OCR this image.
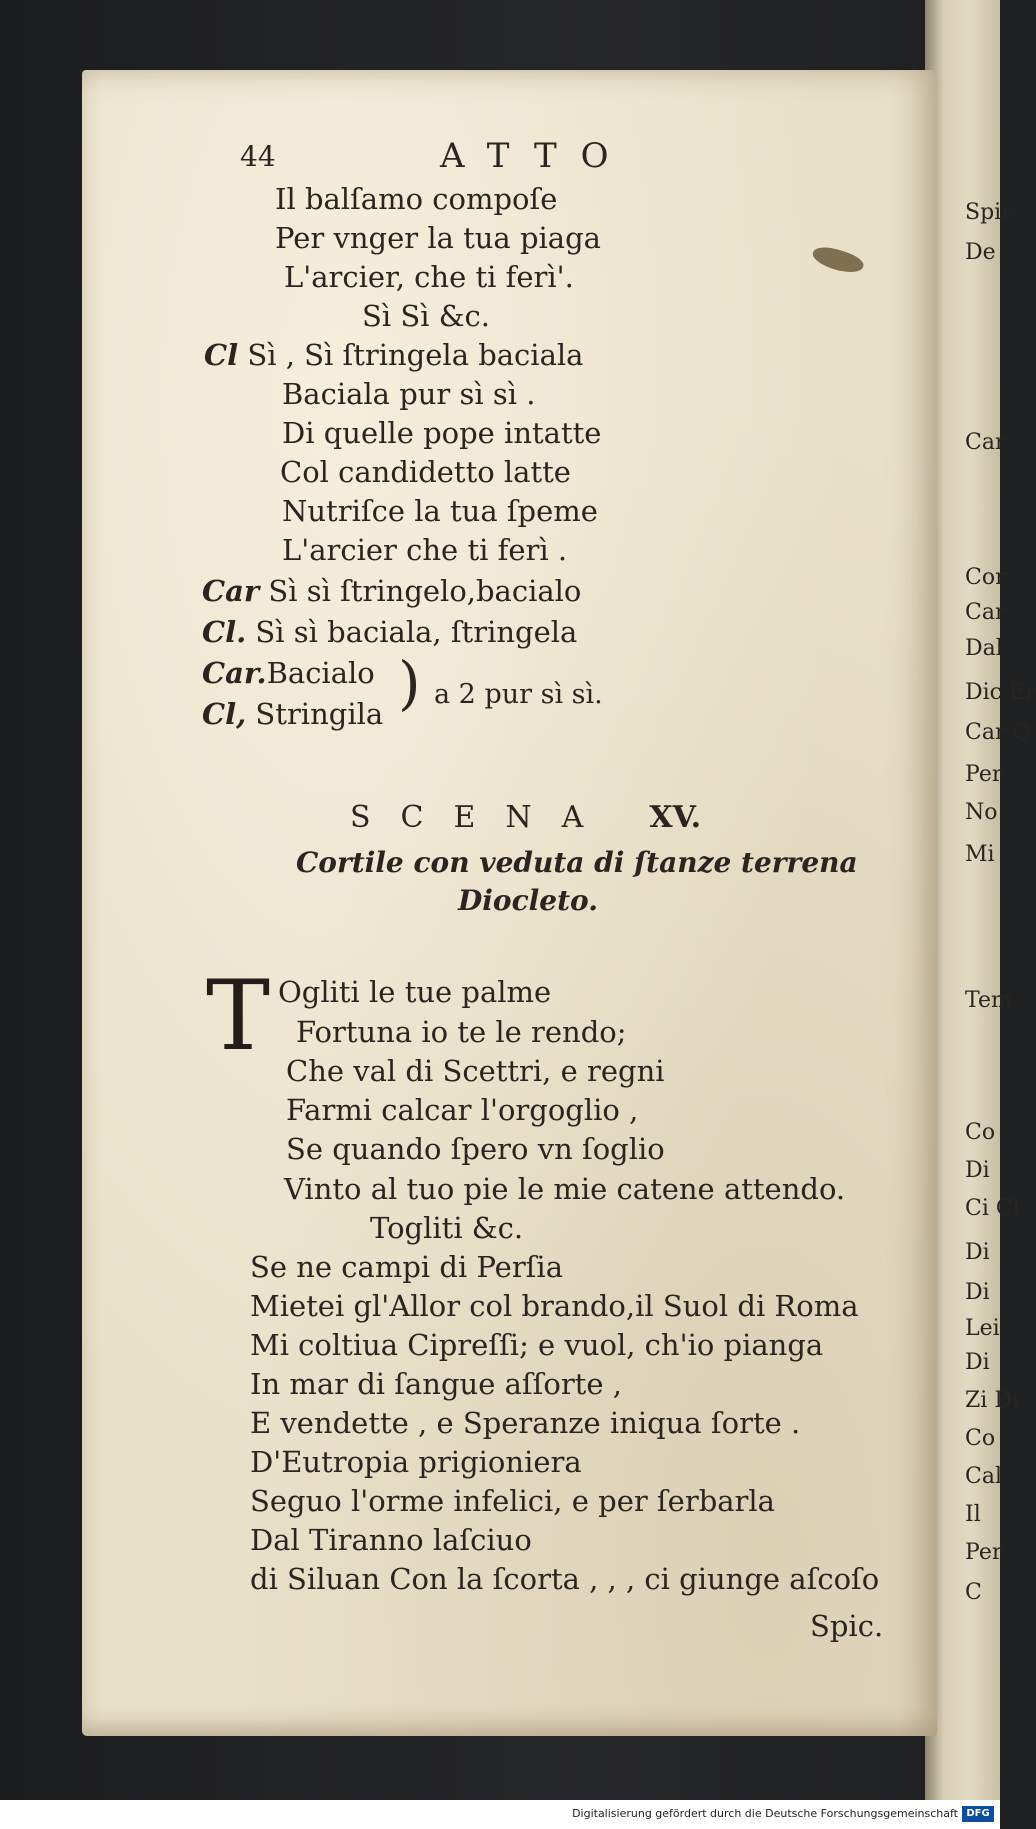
Spir
De
Car
Cor
Car
Dal
Dic Er
Car Q
Per
No
Mi
Tem
Co
Di
Ci Cl
Di
Di
Lei
Di
Zi Di
Co
Cal
Il
Per
C
44	ATTO
Il balſamo compoſe
Per vnger la tua piaga
L'arcier, che ti ferì'.
Sì Sì &c.
Cl Sì , Sì ſtringela baciala
Baciala pur sì sì .
Di quelle pope intatte
Col candidetto latte
Nutriſce la tua ſpeme
L'arcier che ti ferì .
Car Sì sì ſtringelo,bacialo
Cl. Sì sì baciala, ſtringela
Car.Bacialo
Cl, Stringila ) a 2 pur sì sì.
SCENA XV.
Cortile con veduta di ſtanze terrena
Diocleto.
T Ogliti le tue palme
Fortuna io te le rendo;
Che val di Scettri, e regni
Farmi calcar l'orgoglio ,
Se quando ſpero vn ſoglio
Vinto al tuo pie le mie catene attendo.
Togliti &c.
Se ne campi di Perſia
Mietei gl'Allor col brando,il Suol di Roma
Mi coltiua Cipreſſi; e vuol, ch'io pianga
In mar di ſangue aſſorte ,
E vendette , e Speranze iniqua ſorte .
D'Eutropia prigioniera
Seguo l'orme infelici, e per ſerbarla
Dal Tiranno laſciuo
di Siluan Con la ſcorta , , , ci giunge aſcoſo
Spic.
Digitalisierung gefördert durch die Deutsche Forschungsgemeinschaft DFG
